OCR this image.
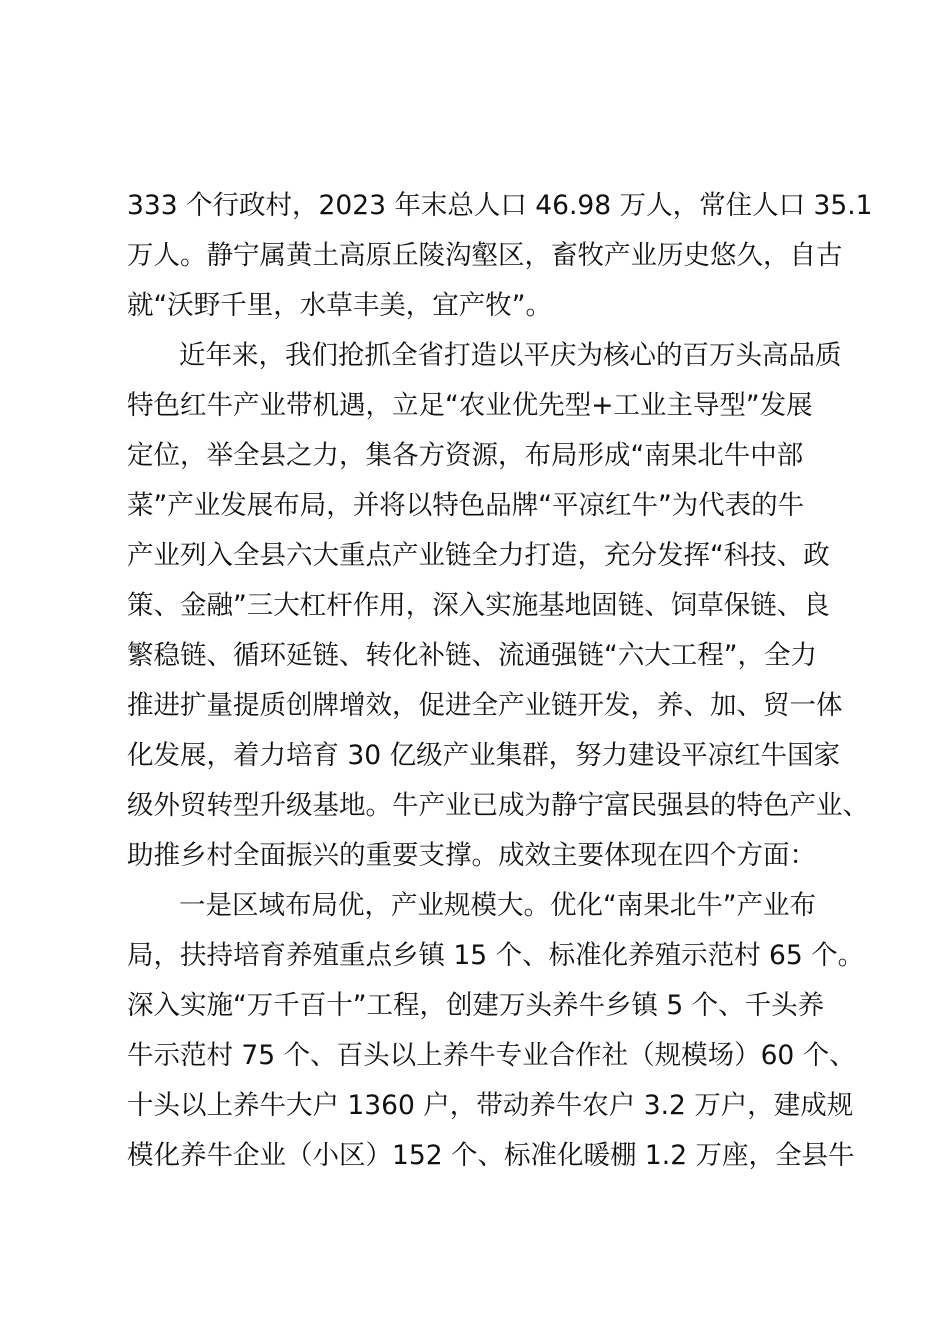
333 个行政村，2023 年末总人口 46.98 万人，常住人口 35.1
万人。静宁属黄土高原丘陵沟壑区，畜牧产业历史悠久，自古
就“沃野千里，水草丰美，宜产牧”。
近年来，我们抢抓全省打造以平庆为核心的百万头高品质
特色红牛产业带机遇，立足“农业优先型+工业主导型”发展
定位，举全县之力，集各方资源，布局形成“南果北牛中部
菜”产业发展布局，并将以特色品牌“平凉红牛”为代表的牛
产业列入全县六大重点产业链全力打造，充分发挥“科技、政
策、金融”三大杠杆作用，深入实施基地固链、饲草保链、良
繁稳链、循环延链、转化补链、流通强链“六大工程”，全力
推进扩量提质创牌增效，促进全产业链开发，养、加、贸一体
化发展，着力培育 30 亿级产业集群，努力建设平凉红牛国家
级外贸转型升级基地。牛产业已成为静宁富民强县的特色产业、
助推乡村全面振兴的重要支撑。成效主要体现在四个方面：
一是区域布局优，产业规模大。优化“南果北牛”产业布
局，扶持培育养殖重点乡镇 15 个、标准化养殖示范村 65 个。
深入实施“万千百十”工程，创建万头养牛乡镇 5 个、千头养
牛示范村 75 个、百头以上养牛专业合作社（规模场）60 个、
十头以上养牛大户 1360 户，带动养牛农户 3.2 万户，建成规
模化养牛企业（小区）152 个、标准化暖棚 1.2 万座，全县牛
